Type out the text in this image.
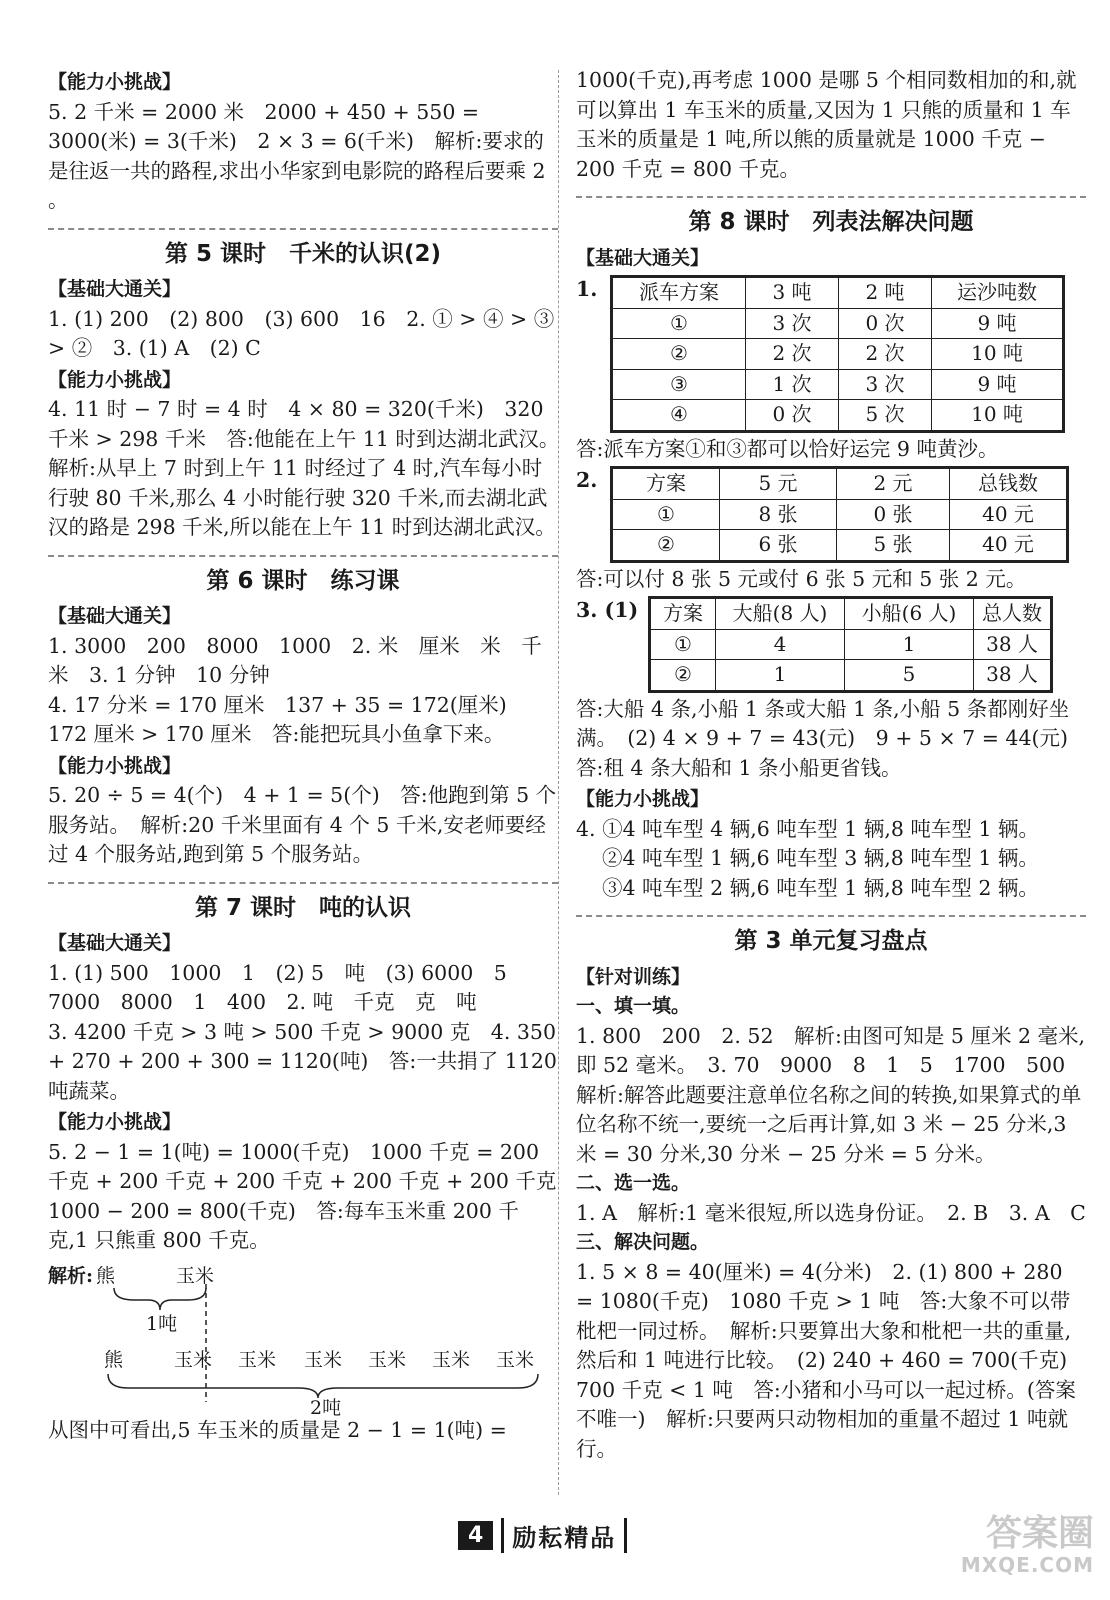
【能力小挑战】

5. 2 千米 = 2000 米　2000 + 450 + 550 = 3000(米) = 3(千米)　2 × 3 = 6(千米)　解析:要求的是往返一共的路程,求出小华家到电影院的路程后要乘 2 。

第 5 课时　千米的认识(2)

【基础大通关】

1. (1) 200　(2) 800　(3) 600　16　2. ① > ④ > ③ > ②　3. (1) A　(2) C

【能力小挑战】

4. 11 时 − 7 时 = 4 时　4 × 80 = 320(千米)　320 千米 > 298 千米　答:他能在上午 11 时到达湖北武汉。　解析:从早上 7 时到上午 11 时经过了 4 时,汽车每小时行驶 80 千米,那么 4 小时能行驶 320 千米,而去湖北武汉的路是 298 千米,所以能在上午 11 时到达湖北武汉。

第 6 课时　练习课

【基础大通关】

1. 3000　200　8000　1000　2. 米　厘米　米　千米　3. 1 分钟　10 分钟

4. 17 分米 = 170 厘米　137 + 35 = 172(厘米)　172 厘米 > 170 厘米　答:能把玩具小鱼拿下来。

【能力小挑战】

5. 20 ÷ 5 = 4(个)　4 + 1 = 5(个)　答:他跑到第 5 个服务站。　解析:20 千米里面有 4 个 5 千米,安老师要经过 4 个服务站,跑到第 5 个服务站。

第 7 课时　吨的认识

【基础大通关】

1. (1) 500　1000　1　(2) 5　吨　(3) 6000　5　7000　8000　1　400　2. 吨　千克　克　吨

3. 4200 千克 > 3 吨 > 500 千克 > 9000 克　4. 350 + 270 + 200 + 300 = 1120(吨)　答:一共捐了 1120 吨蔬菜。

【能力小挑战】

5. 2 − 1 = 1(吨) = 1000(千克)　1000 千克 = 200 千克 + 200 千克 + 200 千克 + 200 千克 + 200 千克　1000 − 200 = 800(千克)　答:每车玉米重 200 千克,1 只熊重 800 千克。

解析: 熊	玉米
1吨
熊	玉米 玉米 玉米 玉米 玉米 玉米
2吨

从图中可看出,5 车玉米的质量是 2 − 1 = 1(吨) =

1000(千克),再考虑 1000 是哪 5 个相同数相加的和,就可以算出 1 车玉米的质量,又因为 1 只熊的质量和 1 车玉米的质量是 1 吨,所以熊的质量就是 1000 千克 − 200 千克 = 800 千克。

第 8 课时　列表法解决问题

【基础大通关】

1.	派车方案	3 吨	2 吨	运沙吨数
①	3 次	0 次	9 吨
②	2 次	2 次	10 吨
③	1 次	3 次	9 吨
④	0 次	5 次	10 吨

答:派车方案①和③都可以恰好运完 9 吨黄沙。

2.	方案	5 元	2 元	总钱数
①	8 张	0 张	40 元
②	6 张	5 张	40 元

答:可以付 8 张 5 元或付 6 张 5 元和 5 张 2 元。

3. (1)	方案	大船(8 人)	小船(6 人)	总人数
①	4	1	38 人
②	1	5	38 人

答:大船 4 条,小船 1 条或大船 1 条,小船 5 条都刚好坐满。　(2) 4 × 9 + 7 = 43(元)　9 + 5 × 7 = 44(元)　答:租 4 条大船和 1 条小船更省钱。

【能力小挑战】

4. ①4 吨车型 4 辆,6 吨车型 1 辆,8 吨车型 1 辆。

②4 吨车型 1 辆,6 吨车型 3 辆,8 吨车型 1 辆。

③4 吨车型 2 辆,6 吨车型 1 辆,8 吨车型 2 辆。

第 3 单元复习盘点

【针对训练】

一、填一填。

1. 800　200　2. 52　解析:由图可知是 5 厘米 2 毫米,即 52 毫米。　3. 70　9000　8　1　5　1700　500　解析:解答此题要注意单位名称之间的转换,如果算式的单位名称不统一,要统一之后再计算,如 3 米 − 25 分米,3 米 = 30 分米,30 分米 − 25 分米 = 5 分米。

二、选一选。

1. A　解析:1 毫米很短,所以选身份证。　2. B　3. A　C

三、解决问题。

1. 5 × 8 = 40(厘米) = 4(分米)　2. (1) 800 + 280 = 1080(千克)　1080 千克 > 1 吨　答:大象不可以带枇杷一同过桥。　解析:只要算出大象和枇杷一共的重量,然后和 1 吨进行比较。　(2) 240 + 460 = 700(千克)　700 千克 < 1 吨　答:小猪和小马可以一起过桥。(答案不唯一)　解析:只要两只动物相加的重量不超过 1 吨就行。

4	励耘精品	答案圈
MXQE.COM
